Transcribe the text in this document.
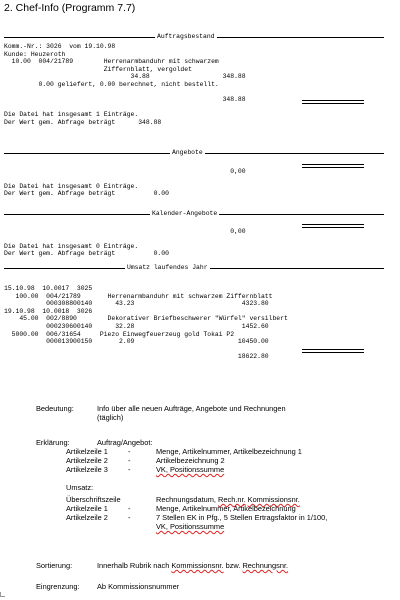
2. Chef-Info (Programm 7.7)
Auftragsbestand
Komm.-Nr.: 3026  vom 19.10.98
Kunde: Heuzeroth
10.00  004/21789        Herrenarmbanduhr mit schwarzem
Ziffernblatt, vergoldet
34.88                   348.88
0.00 geliefert, 0.00 berechnet, nicht bestellt.

348.88

Die Datei hat insgesamt 1 Einträge.
Der Wert gem. Abfrage beträgt      348.88
Angebote

0,00

Die Datei hat insgesamt 0 Einträge.
Der Wert gem. Abfrage beträgt          0.00
Kalender-Angebote

0,00

Die Datei hat insgesamt 0 Einträge.
Der Wert gem. Abfrage beträgt          0.00
Umsatz laufendes Jahr
15.10.98  10.0017  3025
100.00  004/21789       Herrenarmbanduhr mit schwarzem Ziffernblatt
000308800140      43.23                            4323.80
19.10.98  10.0018  3026
45.00  002/8890        Dekorativer Briefbeschwerer "Würfel" versilbert
000230600140      32.28                            1452.60
5000.00  006/31654     Piezo Einwegfeuerzeug gold Tokai P2
000013900150       2.09                           10450.00

18622.80
Bedeutung:	Info über alle neuen Aufträge, Angebote und Rechnungen
(täglich)
Erklärung:	Auftrag/Angebot:
Artikelzeile 1	-	Menge, Artikelnummer, Artikelbezeichnung 1
Artikelzeile 2	-	Artikelbezeichnung 2
Artikelzeile 3	-	VK, Positionssumme
Umsatz:
Überschriftszeile	Rechnungsdatum, Rech.nr. Kommissionsnr.
Artikelzeile 1	-	Menge, Artikelnummer, Artikelbezeichnung
Artikelzeile 2	-	7 Stellen EK in Pfg., 5 Stellen Ertragsfaktor in 1/100,
VK, Positionssumme
Sortierung:	Innerhalb Rubrik nach Kommissionsnr. bzw. Rechnungsnr.
Eingrenzung: Ab Kommissionsnummer
